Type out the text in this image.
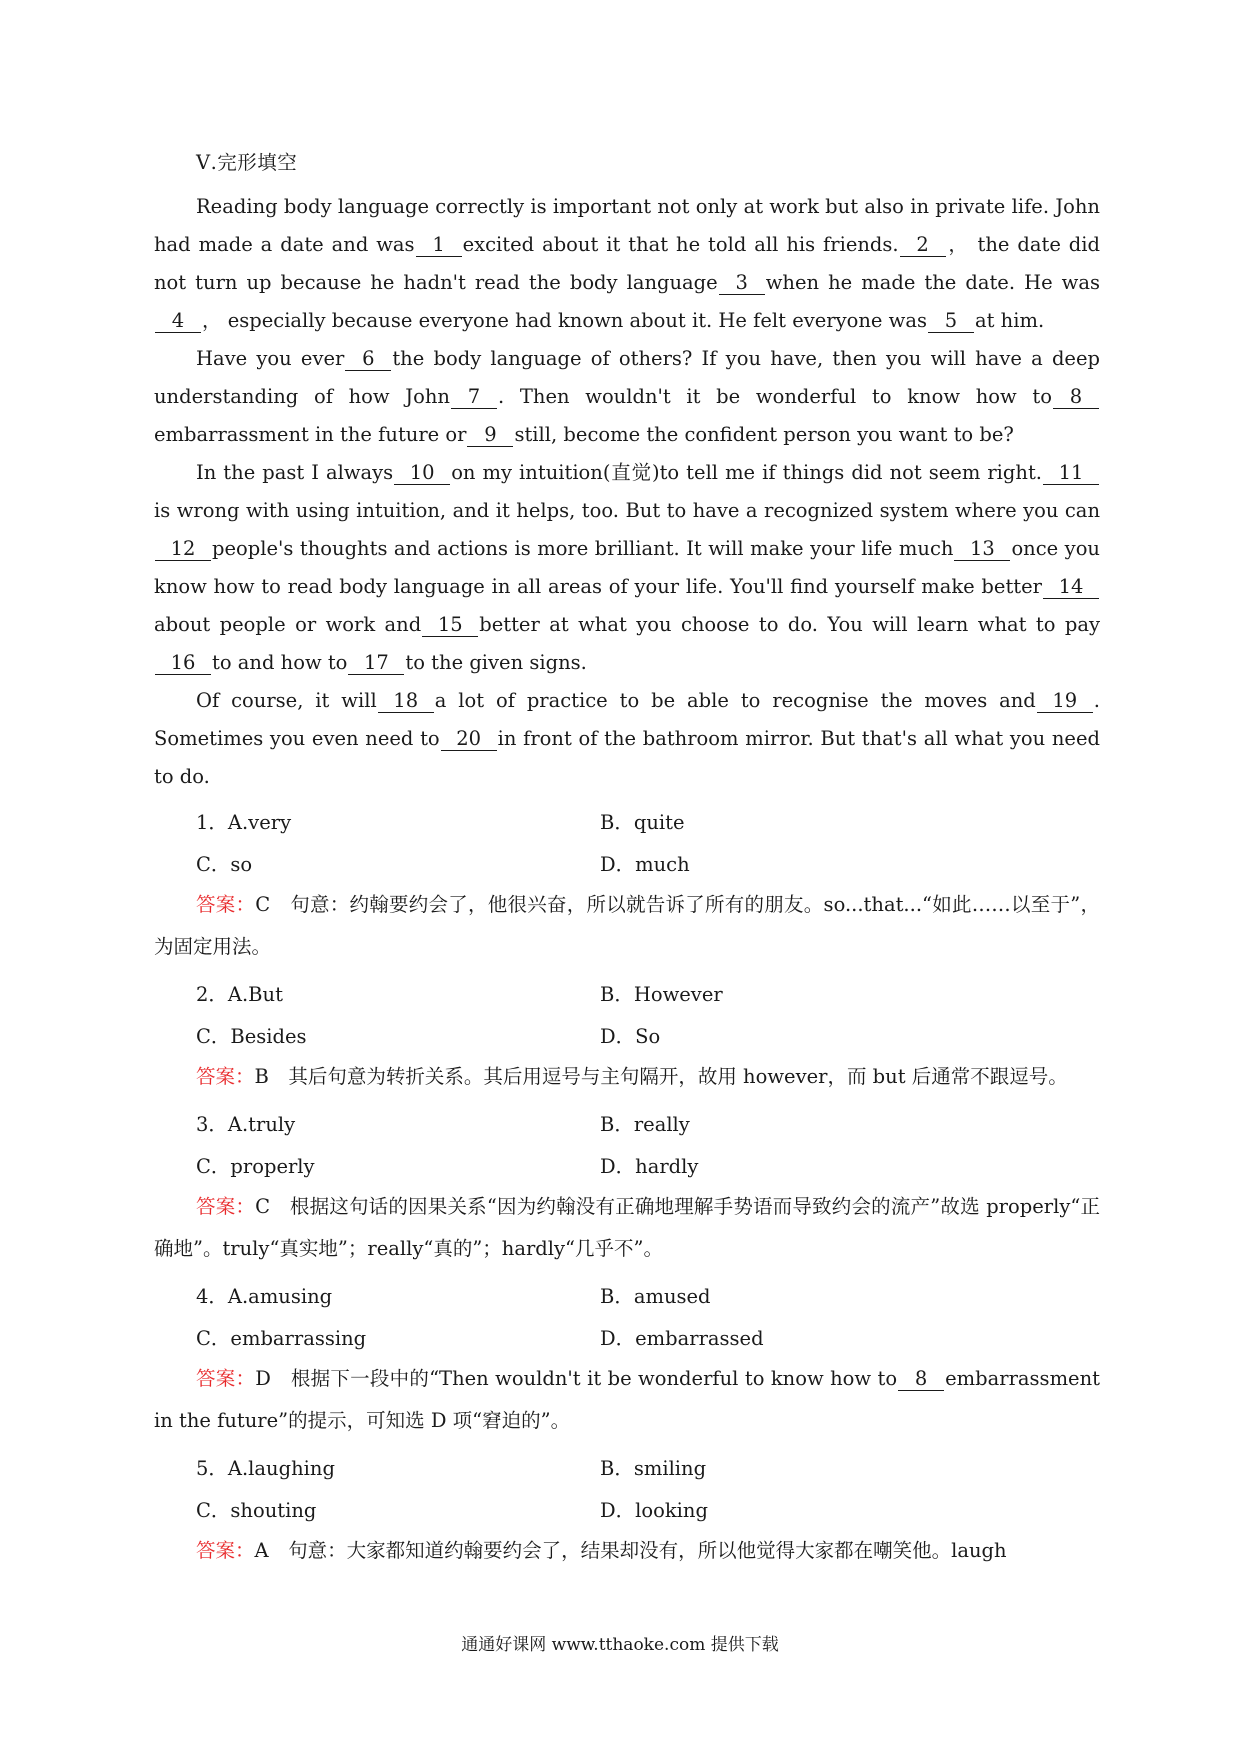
Ⅴ.完形填空

Reading body language correctly is important not only at work but also in private life. John had made a date and was 1 excited about it that he told all his friends. 2 ， the date did not turn up because he hadn't read the body language 3 when he made the date. He was4 ， especially because everyone had known about it. He felt everyone was 5 at him.

Have you ever 6 the body language of others? If you have, then you will have a deep understanding of how John 7 . Then wouldn't it be wonderful to know how to 8embarrassment in the future or 9 still, become the confident person you want to be?

In the past I always 10 on my intuition(直觉)to tell me if things did not seem right. 11is wrong with using intuition, and it helps, too. But to have a recognized system where you can12 people's thoughts and actions is more brilliant. It will make your life much 13 once you know how to read body language in all areas of your life. You'll find yourself make better 14about people or work and 15 better at what you choose to do. You will learn what to pay16 to and how to 17 to the given signs.

Of course, it will 18 a lot of practice to be able to recognise the moves and 19 . Sometimes you even need to 20 in front of the bathroom mirror. But that's all what you need to do.

1．A.very	B．quite
C．so	D．much

答案：C　句意：约翰要约会了，他很兴奋，所以就告诉了所有的朋友。so...that...“如此……以至于”，为固定用法。

2．A.But	B．However
C．Besides	D．So

答案：B　其后句意为转折关系。其后用逗号与主句隔开，故用 however，而 but 后通常不跟逗号。

3．A.truly	B．really
C．properly	D．hardly

答案：C　根据这句话的因果关系“因为约翰没有正确地理解手势语而导致约会的流产”故选 properly“正确地”。truly“真实地”；really“真的”；hardly“几乎不”。

4．A.amusing	B．amused
C．embarrassing	D．embarrassed

答案：D　根据下一段中的“Then wouldn't it be wonderful to know how to 8 embarrassment in the future”的提示，可知选 D 项“窘迫的”。

5．A.laughing	B．smiling
C．shouting	D．looking

答案：A　句意：大家都知道约翰要约会了，结果却没有，所以他觉得大家都在嘲笑他。laugh

通通好课网 www.tthaoke.com 提供下载
